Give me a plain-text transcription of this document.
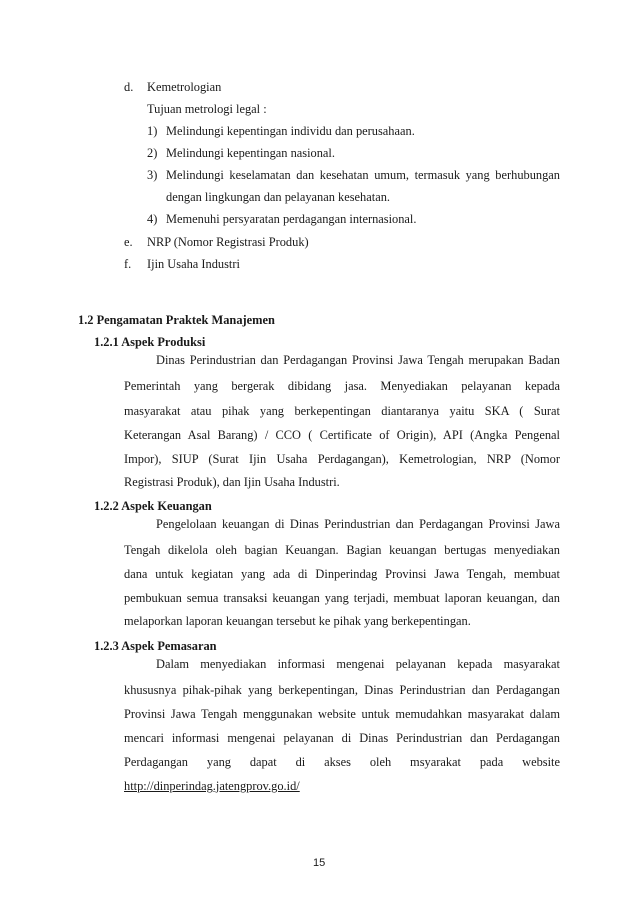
d. Kemetrologian
Tujuan metrologi legal :
1) Melindungi kepentingan individu dan perusahaan.
2) Melindungi kepentingan nasional.
3) Melindungi keselamatan dan kesehatan umum, termasuk yang berhubungan
dengan lingkungan dan pelayanan kesehatan.
4) Memenuhi persyaratan perdagangan internasional.
e. NRP (Nomor Registrasi Produk)
f. Ijin Usaha Industri
1.2 Pengamatan Praktek Manajemen
1.2.1 Aspek Produksi
Dinas Perindustrian dan Perdagangan Provinsi Jawa Tengah merupakan Badan
Pemerintah yang bergerak dibidang jasa. Menyediakan pelayanan kepada
masyarakat atau pihak yang berkepentingan diantaranya yaitu SKA ( Surat
Keterangan Asal Barang) / CCO ( Certificate of Origin), API (Angka Pengenal
Impor), SIUP (Surat Ijin Usaha Perdagangan), Kemetrologian, NRP (Nomor
Registrasi Produk), dan Ijin Usaha Industri.
1.2.2 Aspek Keuangan
Pengelolaan keuangan di Dinas Perindustrian dan Perdagangan Provinsi Jawa
Tengah dikelola oleh bagian Keuangan. Bagian keuangan bertugas menyediakan
dana untuk kegiatan yang ada di Dinperindag Provinsi Jawa Tengah, membuat
pembukuan semua transaksi keuangan yang terjadi, membuat laporan keuangan, dan
melaporkan laporan keuangan tersebut ke pihak yang berkepentingan.
1.2.3 Aspek Pemasaran
Dalam menyediakan informasi mengenai pelayanan kepada masyarakat
khususnya pihak-pihak yang berkepentingan, Dinas Perindustrian dan Perdagangan
Provinsi Jawa Tengah menggunakan website untuk memudahkan masyarakat dalam
mencari informasi mengenai pelayanan di Dinas Perindustrian dan Perdagangan
Perdagangan yang dapat di akses oleh msyarakat pada website
http://dinperindag.jatengprov.go.id/
15
